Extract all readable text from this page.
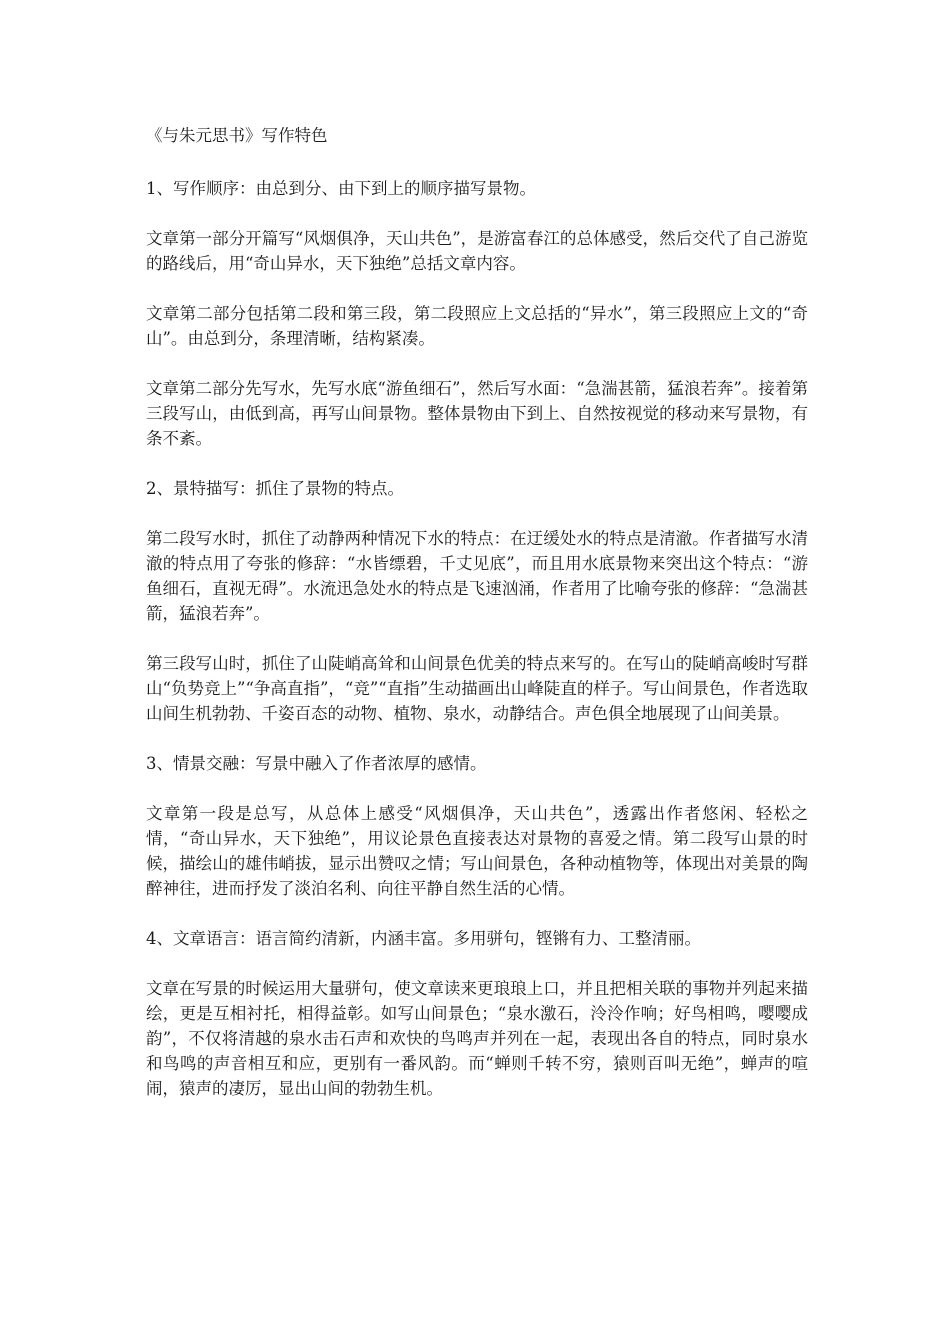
《与朱元思书》写作特色
1、写作顺序：由总到分、由下到上的顺序描写景物。
文章第一部分开篇写“风烟俱净，天山共色”，是游富春江的总体感受，然后交代了自己游览的路线后，用“奇山异水，天下独绝”总括文章内容。
文章第二部分包括第二段和第三段，第二段照应上文总括的“异水”，第三段照应上文的“奇山”。由总到分，条理清晰，结构紧凑。
文章第二部分先写水，先写水底“游鱼细石”，然后写水面：“急湍甚箭，猛浪若奔”。接着第三段写山，由低到高，再写山间景物。整体景物由下到上、自然按视觉的移动来写景物，有条不紊。
2、景特描写：抓住了景物的特点。
第二段写水时，抓住了动静两种情况下水的特点：在迂缓处水的特点是清澈。作者描写水清澈的特点用了夸张的修辞：“水皆缥碧，千丈见底”，而且用水底景物来突出这个特点：“游鱼细石，直视无碍”。水流迅急处水的特点是飞速汹涌，作者用了比喻夸张的修辞：“急湍甚箭，猛浪若奔”。
第三段写山时，抓住了山陡峭高耸和山间景色优美的特点来写的。在写山的陡峭高峻时写群山“负势竞上”“争高直指”，“竞”“直指”生动描画出山峰陡直的样子。写山间景色，作者选取山间生机勃勃、千姿百态的动物、植物、泉水，动静结合。声色俱全地展现了山间美景。
3、情景交融：写景中融入了作者浓厚的感情。
文章第一段是总写，从总体上感受“风烟俱净，天山共色”，透露出作者悠闲、轻松之情，“奇山异水，天下独绝”，用议论景色直接表达对景物的喜爱之情。第二段写山景的时候，描绘山的雄伟峭拔，显示出赞叹之情；写山间景色，各种动植物等，体现出对美景的陶醉神往，进而抒发了淡泊名利、向往平静自然生活的心情。
4、文章语言：语言简约清新，内涵丰富。多用骈句，铿锵有力、工整清丽。
文章在写景的时候运用大量骈句，使文章读来更琅琅上口，并且把相关联的事物并列起来描绘，更是互相衬托，相得益彰。如写山间景色；“泉水激石，泠泠作响；好鸟相鸣，嘤嘤成韵”，不仅将清越的泉水击石声和欢快的鸟鸣声并列在一起，表现出各自的特点，同时泉水和鸟鸣的声音相互和应，更别有一番风韵。而“蝉则千转不穷，猿则百叫无绝”，蝉声的喧闹，猿声的凄厉，显出山间的勃勃生机。
